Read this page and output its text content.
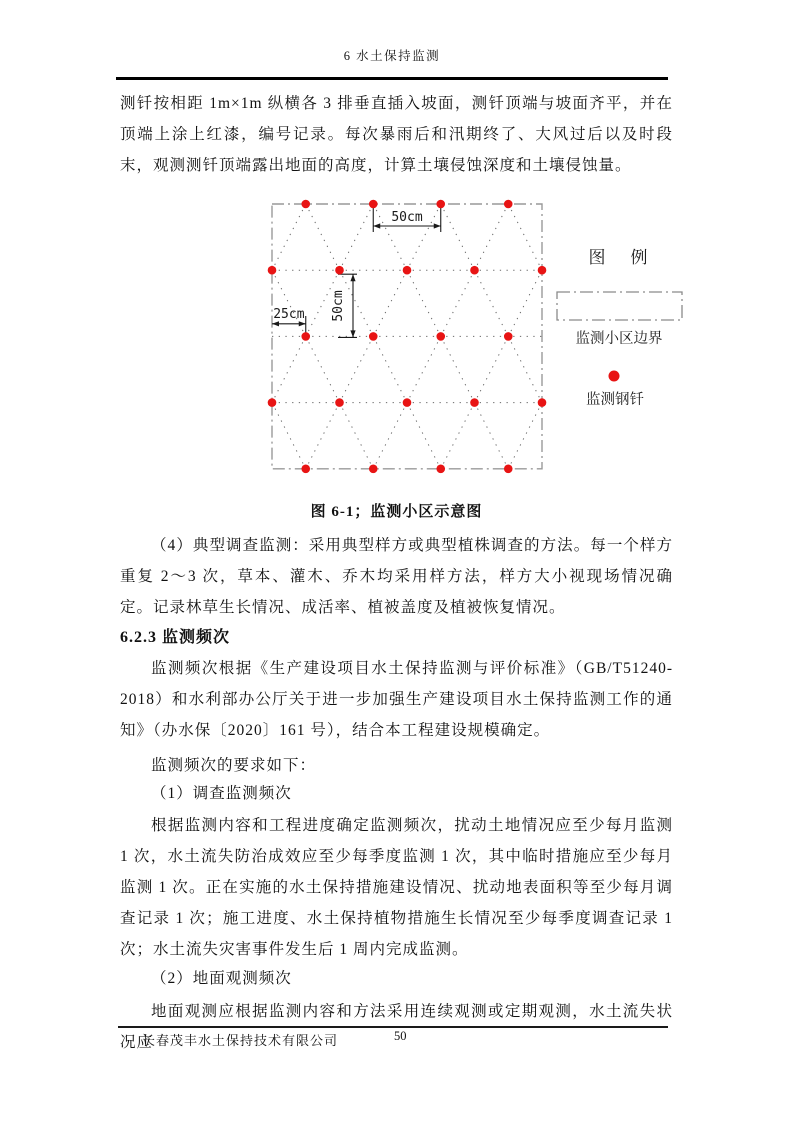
6 水土保持监测
测钎按相距 1m×1m 纵横各 3 排垂直插入坡面，测钎顶端与坡面齐平，并在顶端上涂上红漆，编号记录。每次暴雨后和汛期终了、大风过后以及时段末，观测测钎顶端露出地面的高度，计算土壤侵蚀深度和土壤侵蚀量。
50cm
50cm
25cm
图　例
监测小区边界
监测钢钎
图 6-1；监测小区示意图
（4）典型调查监测：采用典型样方或典型植株调查的方法。每一个样方重复 2～3 次，草本、灌木、乔木均采用样方法，样方大小视现场情况确定。记录林草生长情况、成活率、植被盖度及植被恢复情况。
6.2.3 监测频次
监测频次根据《生产建设项目水土保持监测与评价标准》（GB/T51240-2018）和水利部办公厅关于进一步加强生产建设项目水土保持监测工作的通知》（办水保〔2020〕161 号），结合本工程建设规模确定。
监测频次的要求如下：
（1）调查监测频次
根据监测内容和工程进度确定监测频次，扰动土地情况应至少每月监测 1 次，水土流失防治成效应至少每季度监测 1 次，其中临时措施应至少每月监测 1 次。正在实施的水土保持措施建设情况、扰动地表面积等至少每月调查记录 1 次；施工进度、水土保持植物措施生长情况至少每季度调查记录 1 次；水土流失灾害事件发生后 1 周内完成监测。
（2）地面观测频次
地面观测应根据监测内容和方法采用连续观测或定期观测，水土流失状况应
长春茂丰水土保持技术有限公司	50
